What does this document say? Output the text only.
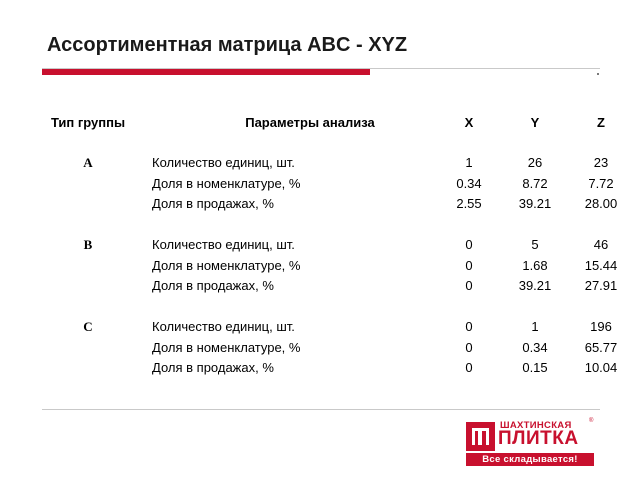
Ассортиментная матрица ABC - XYZ
Тип группы	Параметры анализа	X	Y	Z

A	Количество единиц, шт.	1	26	23
	Доля в номенклатуре, %	0.34	8.72	7.72
	Доля в продажах, %	2.55	39.21	28.00

B	Количество единиц, шт.	0	5	46
	Доля в номенклатуре, %	0	1.68	15.44
	Доля в продажах, %	0	39.21	27.91

C	Количество единиц, шт.	0	1	196
	Доля в номенклатуре, %	0	0.34	65.77
	Доля в продажах, %	0	0.15	10.04
ШАХТИНСКАЯ
ПЛИТКА
®
Все складывается!
